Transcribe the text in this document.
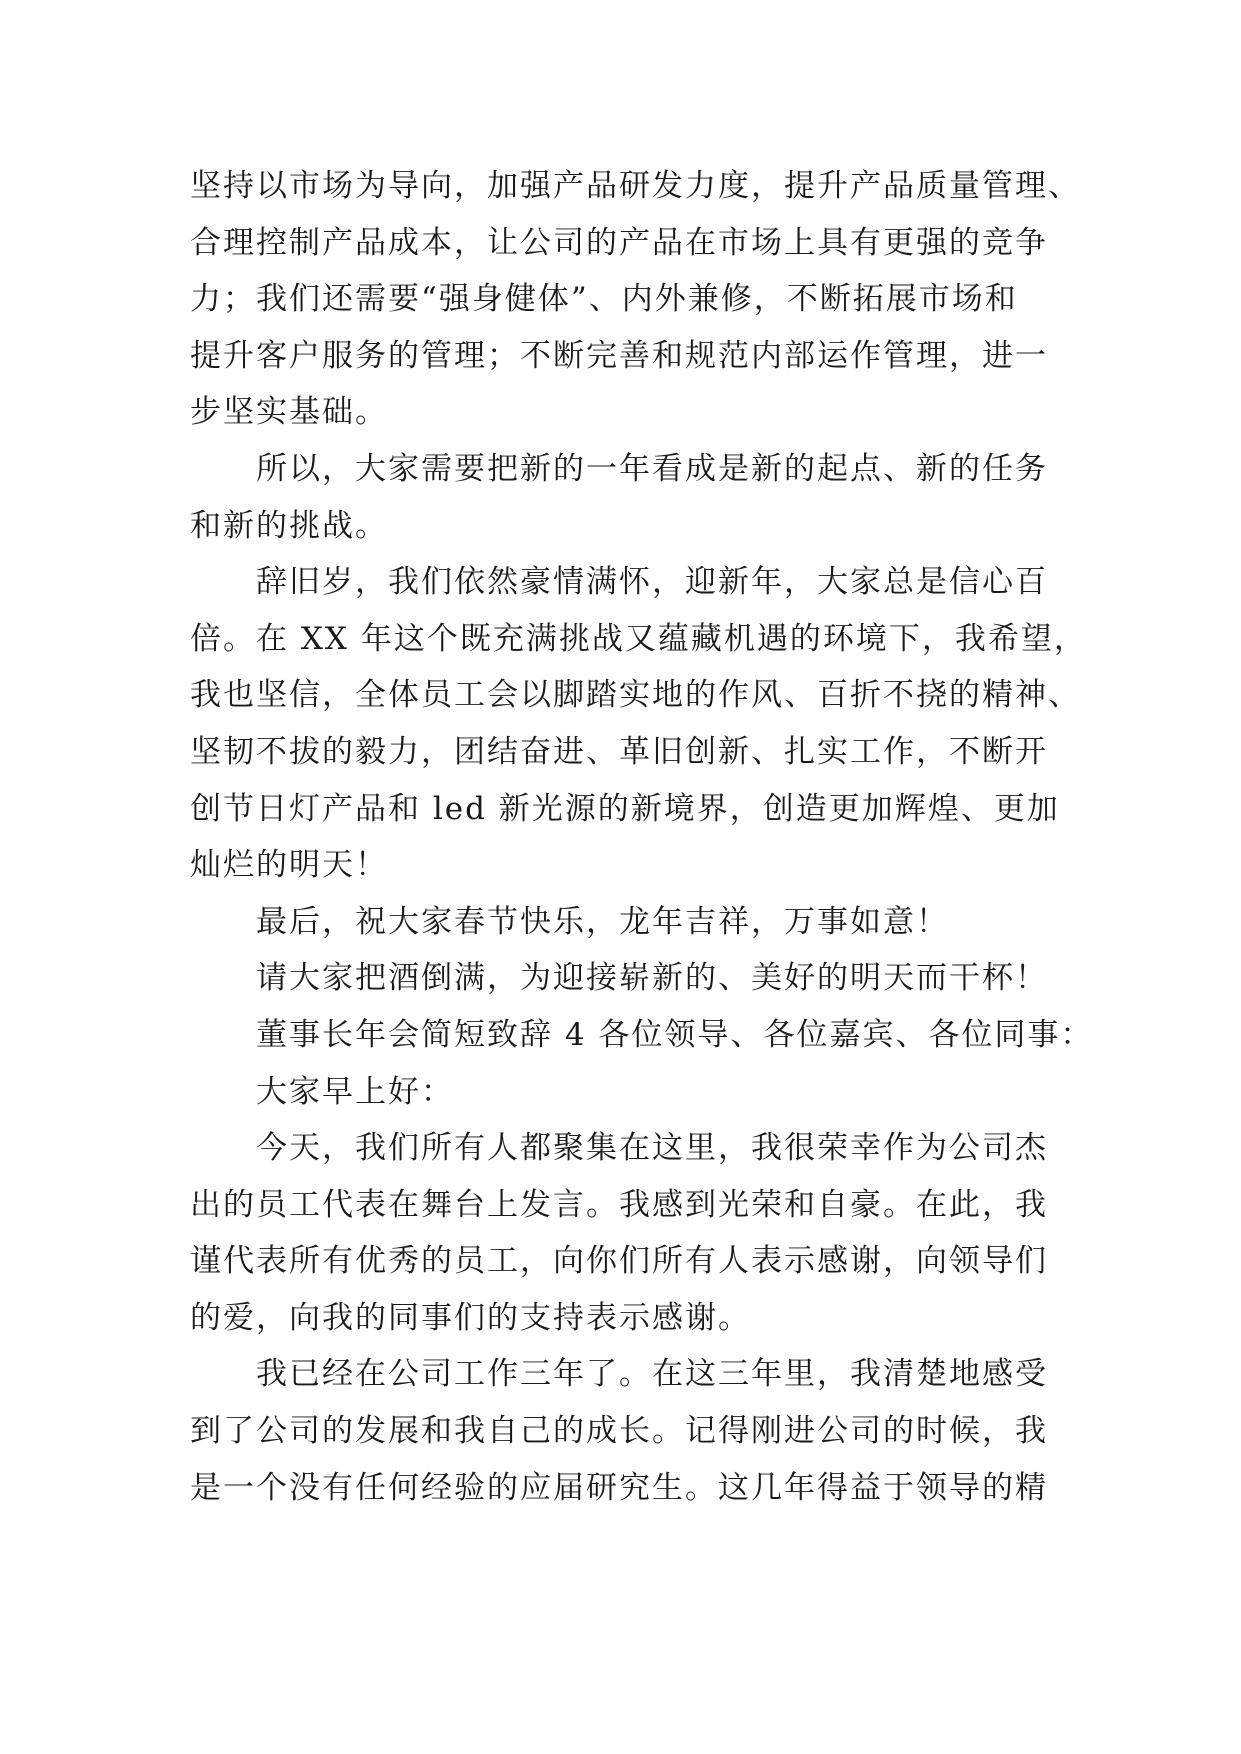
坚持以市场为导向，加强产品研发力度，提升产品质量管理、
合理控制产品成本，让公司的产品在市场上具有更强的竞争
力；我们还需要“强身健体”、内外兼修，不断拓展市场和
提升客户服务的管理；不断完善和规范内部运作管理，进一
步坚实基础。
所以，大家需要把新的一年看成是新的起点、新的任务
和新的挑战。
辞旧岁，我们依然豪情满怀，迎新年，大家总是信心百
倍。在 XX 年这个既充满挑战又蕴藏机遇的环境下，我希望，
我也坚信，全体员工会以脚踏实地的作风、百折不挠的精神、
坚韧不拔的毅力，团结奋进、革旧创新、扎实工作，不断开
创节日灯产品和 led 新光源的新境界，创造更加辉煌、更加
灿烂的明天！
最后，祝大家春节快乐，龙年吉祥，万事如意！
请大家把酒倒满，为迎接崭新的、美好的明天而干杯！
董事长年会简短致辞 4 各位领导、各位嘉宾、各位同事：
大家早上好：
今天，我们所有人都聚集在这里，我很荣幸作为公司杰
出的员工代表在舞台上发言。我感到光荣和自豪。在此，我
谨代表所有优秀的员工，向你们所有人表示感谢，向领导们
的爱，向我的同事们的支持表示感谢。
我已经在公司工作三年了。在这三年里，我清楚地感受
到了公司的发展和我自己的成长。记得刚进公司的时候，我
是一个没有任何经验的应届研究生。这几年得益于领导的精
